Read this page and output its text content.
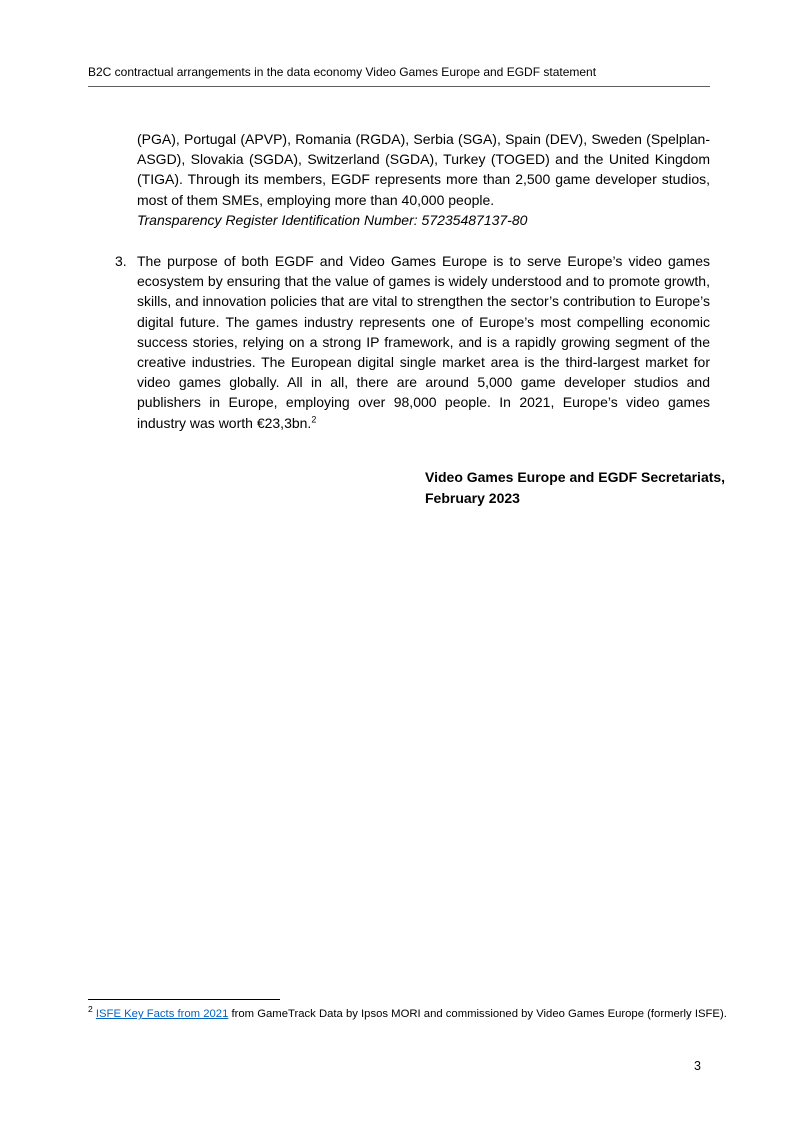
B2C contractual arrangements in the data economy Video Games Europe and EGDF statement
(PGA), Portugal (APVP), Romania (RGDA), Serbia (SGA), Spain (DEV), Sweden (Spelplan-ASGD), Slovakia (SGDA), Switzerland (SGDA), Turkey (TOGED) and the United Kingdom (TIGA). Through its members, EGDF represents more than 2,500 game developer studios, most of them SMEs, employing more than 40,000 people.
Transparency Register Identification Number: 57235487137-80
3. The purpose of both EGDF and Video Games Europe is to serve Europe’s video games ecosystem by ensuring that the value of games is widely understood and to promote growth, skills, and innovation policies that are vital to strengthen the sector’s contribution to Europe’s digital future. The games industry represents one of Europe’s most compelling economic success stories, relying on a strong IP framework, and is a rapidly growing segment of the creative industries. The European digital single market area is the third-largest market for video games globally. All in all, there are around 5,000 game developer studios and publishers in Europe, employing over 98,000 people. In 2021, Europe’s video games industry was worth €23,3bn.$^2$
Video Games Europe and EGDF Secretariats,
February 2023
$^2$ ISFE Key Facts from 2021 from GameTrack Data by Ipsos MORI and commissioned by Video Games Europe (formerly ISFE).
3
